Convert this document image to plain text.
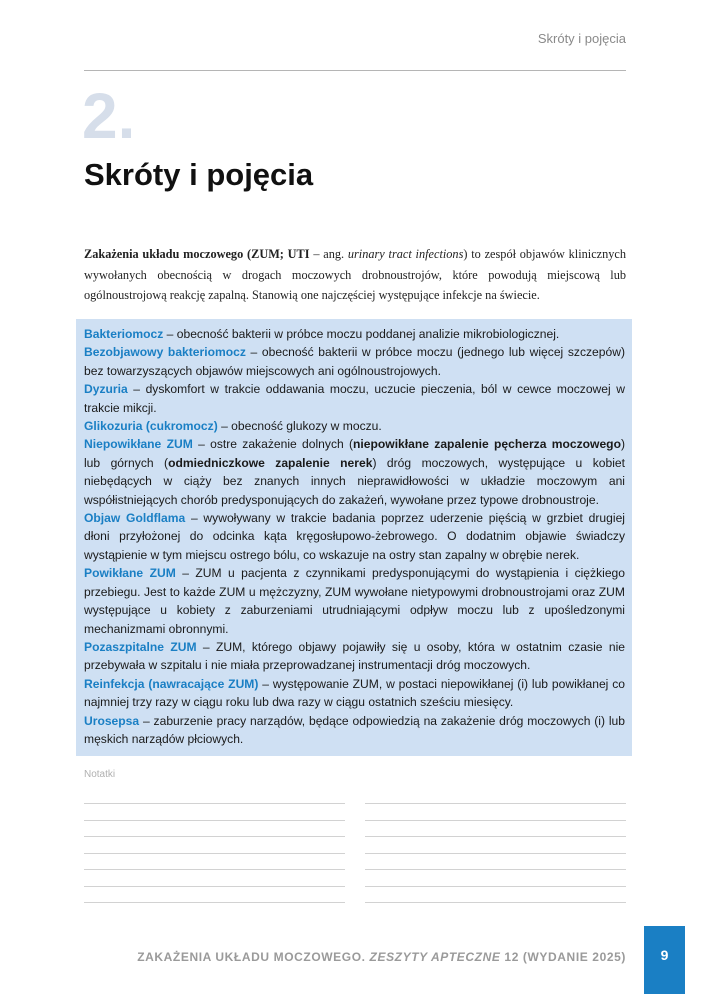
Skróty i pojęcia
2.
Skróty i pojęcia
Zakażenia układu moczowego (ZUM; UTI – ang. urinary tract infections) to zespół objawów klinicznych wywołanych obecnością w drogach moczowych drobnoustrojów, które powodują miejscową lub ogólnoustrojową reakcję zapalną. Stanowią one najczęściej występujące infekcje na świecie.

Bakteriomocz – obecność bakterii w próbce moczu poddanej analizie mikrobiologicznej.

Bezobjawowy bakteriomocz – obecność bakterii w próbce moczu (jednego lub więcej szczepów) bez towarzyszących objawów miejscowych ani ogólnoustrojowych.

Dyzuria – dyskomfort w trakcie oddawania moczu, uczucie pieczenia, ból w cewce moczowej w trakcie mikcji.

Glikozuria (cukromocz) – obecność glukozy w moczu.

Niepowikłane ZUM – ostre zakażenie dolnych (niepowikłane zapalenie pęcherza moczowego) lub górnych (odmiedniczkowe zapalenie nerek) dróg moczowych, występujące u kobiet niebędących w ciąży bez znanych innych nieprawidłowości w układzie moczowym ani współistniejących chorób predysponujących do zakażeń, wywołane przez typowe drobnoustroje.

Objaw Goldflama – wywoływany w trakcie badania poprzez uderzenie pięścią w grzbiet drugiej dłoni przyłożonej do odcinka kąta kręgosłupowo-żebrowego. O dodatnim objawie świadczy wystąpienie w tym miejscu ostrego bólu, co wskazuje na ostry stan zapalny w obrębie nerek.

Powikłane ZUM – ZUM u pacjenta z czynnikami predysponującymi do wystąpienia i ciężkiego przebiegu. Jest to każde ZUM u mężczyzny, ZUM wywołane nietypowymi drobnoustrojami oraz ZUM występujące u kobiety z zaburzeniami utrudniającymi odpływ moczu lub z upośledzonymi mechanizmami obronnymi.

Pozaszpitalne ZUM – ZUM, którego objawy pojawiły się u osoby, która w ostatnim czasie nie przebywała w szpitalu i nie miała przeprowadzanej instrumentacji dróg moczowych.

Reinfekcja (nawracające ZUM) – występowanie ZUM, w postaci niepowikłanej (i) lub powikłanej co najmniej trzy razy w ciągu roku lub dwa razy w ciągu ostatnich sześciu miesięcy.

Urosepsa – zaburzenie pracy narządów, będące odpowiedzią na zakażenie dróg moczowych (i) lub męskich narządów płciowych.

Notatki
ZAKAŻENIA UKŁADU MOCZOWEGO. ZESZYTY APTECZNE 12 (WYDANIE 2025) 9
